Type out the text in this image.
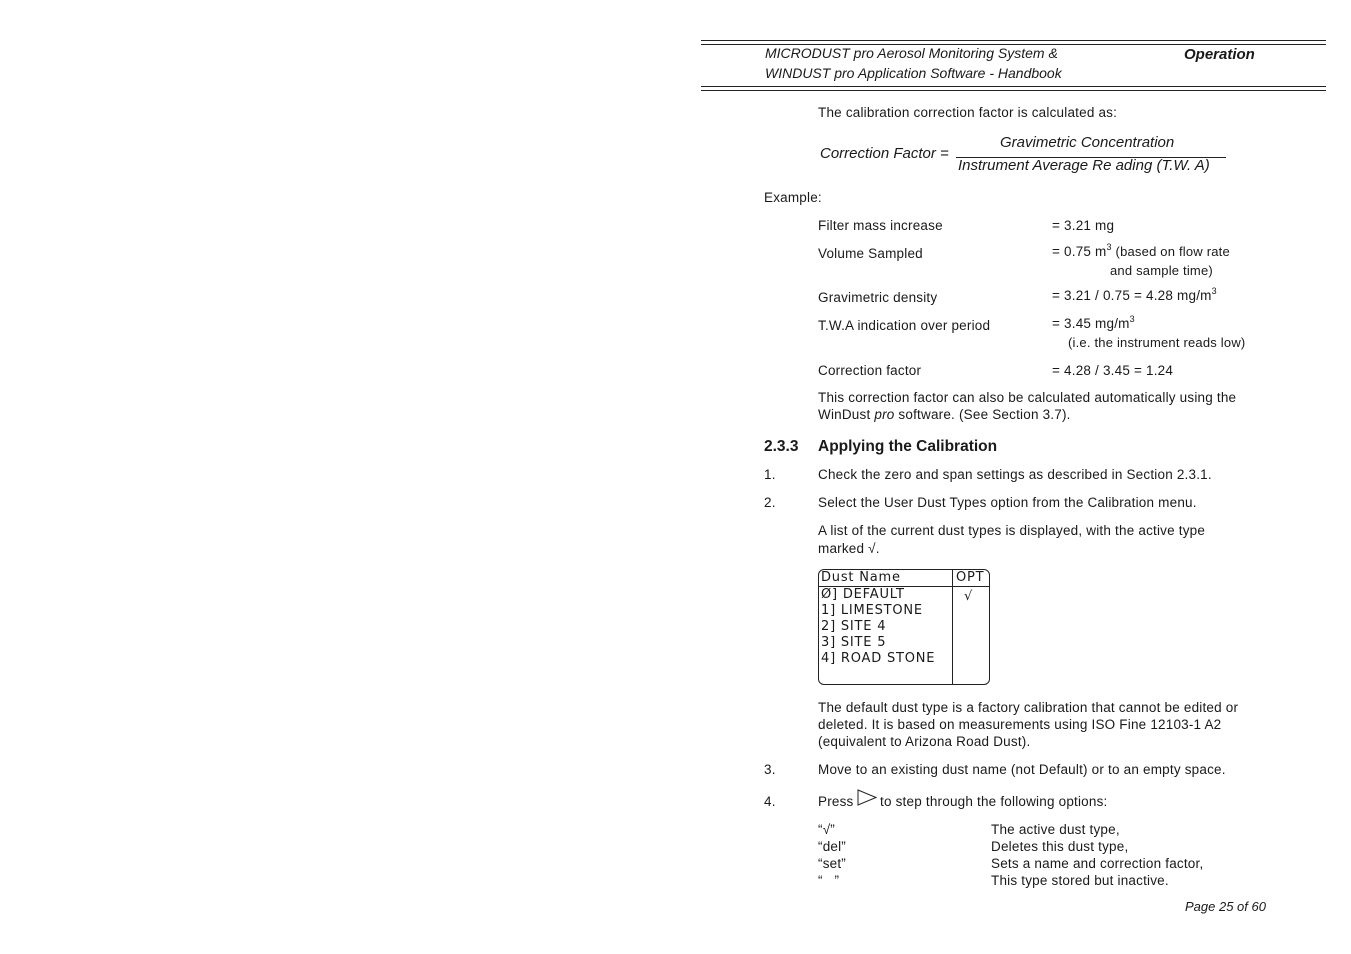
MICRODUST pro Aerosol Monitoring System &
WINDUST pro Application Software - Handbook
Operation
The calibration correction factor is calculated as:
Correction Factor =
Gravimetric Concentration
Instrument Average Re ading (T.W. A)
Example:
Filter mass increase	= 3.21 mg
Volume Sampled	= 0.75 $m^3$ (based on flow rate
and sample time)
Gravimetric density	= 3.21 / 0.75 = 4.28 $mg/m^3$
T.W.A indication over period	= 3.45 $mg/m^3$
(i.e. the instrument reads low)
Correction factor	= 4.28 / 3.45 = 1.24
This correction factor can also be calculated automatically using the
WinDust pro software. (See Section 3.7).
2.3.3 Applying the Calibration
1.	Check the zero and span settings as described in Section 2.3.1.
2.	Select the User Dust Types option from the Calibration menu.
A list of the current dust types is displayed, with the active type
marked √.
Dust Name	OPT
Ø] DEFAULT	√
1] LIMESTONE
2] SITE 4
3] SITE 5
4] ROAD STONE
The default dust type is a factory calibration that cannot be edited or
deleted. It is based on measurements using ISO Fine 12103-1 A2
(equivalent to Arizona Road Dust).
3.	Move to an existing dust name (not Default) or to an empty space.
4.	Press to step through the following options:
“√”	The active dust type,
“del”	Deletes this dust type,
“set”	Sets a name and correction factor,
“   ”	This type stored but inactive.
Page 25 of 60
